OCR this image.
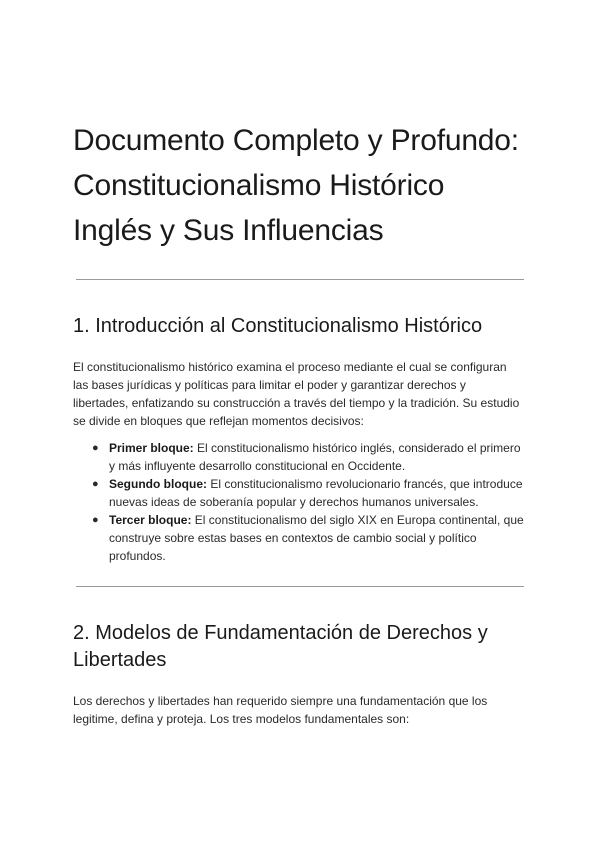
Documento Completo y Profundo: Constitucionalismo Histórico Inglés y Sus Influencias
1. Introducción al Constitucionalismo Histórico

El constitucionalismo histórico examina el proceso mediante el cual se configuran las bases jurídicas y políticas para limitar el poder y garantizar derechos y libertades, enfatizando su construcción a través del tiempo y la tradición. Su estudio se divide en bloques que reflejan momentos decisivos:

● Primer bloque: El constitucionalismo histórico inglés, considerado el primero y más influyente desarrollo constitucional en Occidente.
● Segundo bloque: El constitucionalismo revolucionario francés, que introduce nuevas ideas de soberanía popular y derechos humanos universales.
● Tercer bloque: El constitucionalismo del siglo XIX en Europa continental, que construye sobre estas bases en contextos de cambio social y político profundos.
2. Modelos de Fundamentación de Derechos y Libertades

Los derechos y libertades han requerido siempre una fundamentación que los legitime, defina y proteja. Los tres modelos fundamentales son:
